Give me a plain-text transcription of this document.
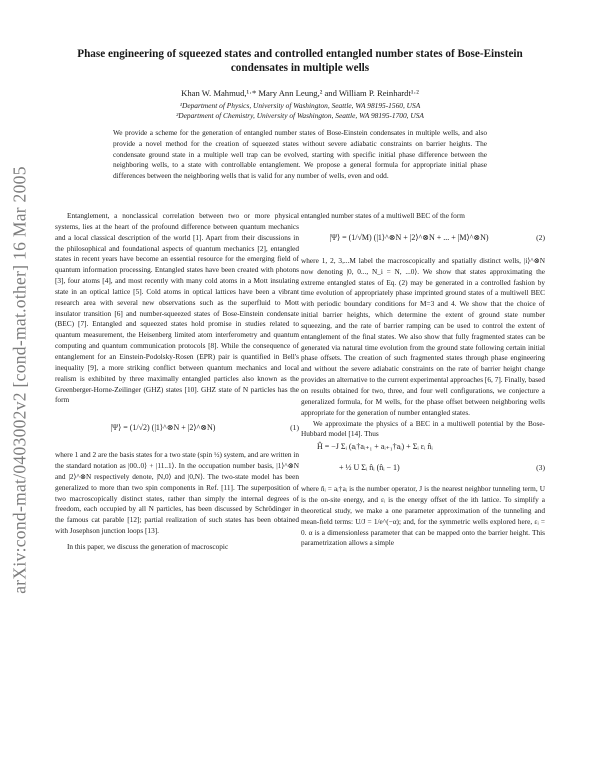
arXiv:cond-mat/0403002v2 [cond-mat.other] 16 Mar 2005
Phase engineering of squeezed states and controlled entangled number states of Bose-Einstein condensates in multiple wells
Khan W. Mahmud,¹·* Mary Ann Leung,² and William P. Reinhardt¹·²
¹Department of Physics, University of Washington, Seattle, WA 98195-1560, USA
²Department of Chemistry, University of Washington, Seattle, WA 98195-1700, USA
We provide a scheme for the generation of entangled number states of Bose-Einstein condensates in multiple wells, and also provide a novel method for the creation of squeezed states without severe adiabatic constraints on barrier heights. The condensate ground state in a multiple well trap can be evolved, starting with specific initial phase difference between the neighboring wells, to a state with controllable entanglement. We propose a general formula for appropriate initial phase differences between the neighboring wells that is valid for any number of wells, even and odd.

Entanglement, a nonclassical correlation between two or more physical systems, lies at the heart of the profound difference between quantum mechanics and a local classical description of the world [1]. Apart from their discussions in the philosophical and foundational aspects of quantum mechanics [2], entangled states in recent years have become an essential resource for the emerging field of quantum information processing. Entangled states have been created with photons [3], four atoms [4], and most recently with many cold atoms in a Mott insulating state in an optical lattice [5]. Cold atoms in optical lattices have been a vibrant research area with several new observations such as the superfluid to Mott insulator transition [6] and number-squeezed states of Bose-Einstein condensate (BEC) [7]. Entangled and squeezed states hold promise in studies related to quantum measurement, the Heisenberg limited atom interferometry and quantum computing and quantum communication protocols [8]. While the consequence of entanglement for an Einstein-Podolsky-Rosen (EPR) pair is quantified in Bell's inequality [9], a more striking conflict between quantum mechanics and local realism is exhibited by three maximally entangled particles also known as the Greenberger-Horne-Zeilinger (GHZ) states [10]. GHZ state of N particles has the form

|Ψ⟩ = (1/√2) (|1⟩^⊗N + |2⟩^⊗N)	(1)

where 1 and 2 are the basis states for a two state (spin ½) system, and are written in the standard notation as |00..0⟩ + |11..1⟩. In the occupation number basis, |1⟩^⊗N and |2⟩^⊗N respectively denote, |N,0⟩ and |0,N⟩. The two-state model has been generalized to more than two spin components in Ref. [11]. The superposition of two macroscopically distinct states, rather than simply the internal degrees of freedom, each occupied by all N particles, has been discussed by Schrödinger in the famous cat parable [12]; partial realization of such states has been obtained with Josephson junction loops [13].

In this paper, we discuss the generation of macroscopic

entangled number states of a multiwell BEC of the form

|Ψ⟩ = (1/√M) (|1⟩^⊗N + |2⟩^⊗N + ... + |M⟩^⊗N)	(2)

where 1, 2, 3,...M label the macroscopically and spatially distinct wells, |i⟩^⊗N now denoting |0, 0..., N_i = N, ...0⟩. We show that states approximating the extreme entangled states of Eq. (2) may be generated in a controlled fashion by time evolution of appropriately phase imprinted ground states of a multiwell BEC with periodic boundary conditions for M=3 and 4. We show that the choice of initial barrier heights, which determine the extent of ground state number squeezing, and the rate of barrier ramping can be used to control the extent of entanglement of the final states. We also show that fully fragmented states can be generated via natural time evolution from the ground state following certain initial phase offsets. The creation of such fragmented states through phase engineering and without the severe adiabatic constraints on the rate of barrier height change provides an alternative to the current experimental approaches [6, 7]. Finally, based on results obtained for two, three, and four well configurations, we conjecture a generalized formula, for M wells, for the phase offset between neighboring wells appropriate for the generation of number entangled states.

We approximate the physics of a BEC in a multiwell potential by the Bose-Hubbard model [14]. Thus

Ĥ = −J Σᵢ (aᵢ†aᵢ₊₁ + aᵢ₊₁†aᵢ) + Σᵢ εᵢ n̂ᵢ
+ ½ U Σᵢ n̂ᵢ (n̂ᵢ − 1)	(3)

where n̂ᵢ = aᵢ†aᵢ is the number operator, J is the nearest neighbor tunneling term, U is the on-site energy, and εᵢ is the energy offset of the ith lattice. To simplify a theoretical study, we make a one parameter approximation of the tunneling and mean-field terms: U/J = 1/e^(−α); and, for the symmetric wells explored here, εᵢ = 0. α is a dimensionless parameter that can be mapped onto the barrier height. This parametrization allows a simple
